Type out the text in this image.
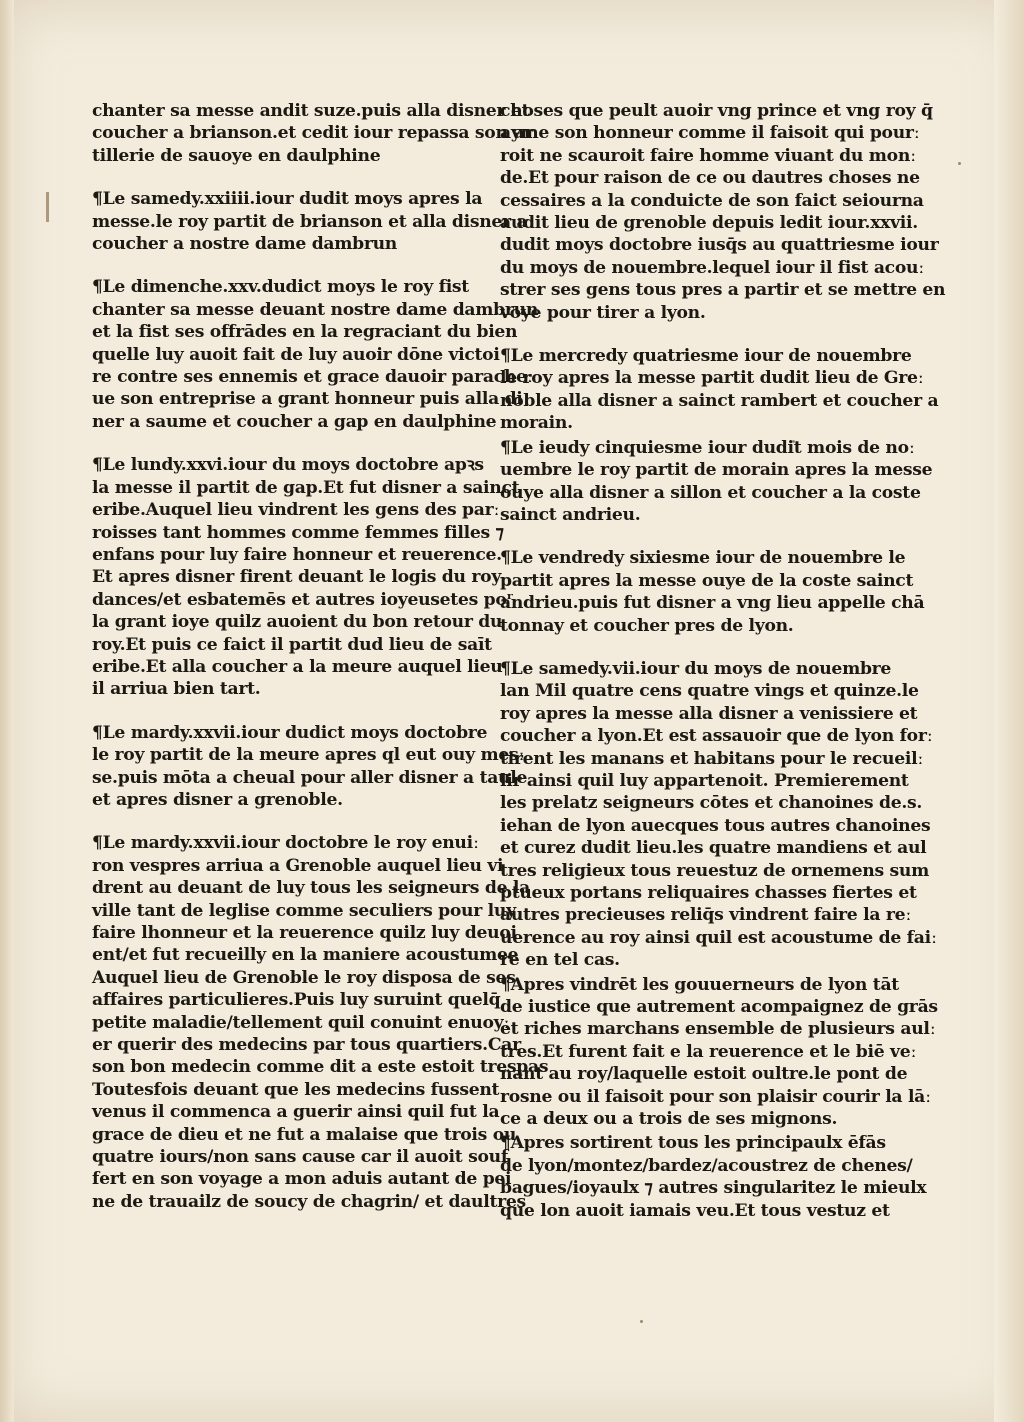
chanter sa messe andit suze.puis alla disner et
coucher a brianson.et cedit iour repassa son ar
tillerie de sauoye en daulphine
¶Le samedy.xxiiii.iour dudit moys apres la
messe.le roy partit de brianson et alla disner a
coucher a nostre dame dambrun
¶Le dimenche.xxv.dudict moys le roy fist
chanter sa messe deuant nostre dame dambrun
et la fist ses offrādes en la regraciant du bien
quelle luy auoit fait de luy auoir dōne victoi
re contre ses ennemis et grace dauoir paracheː
ue son entreprise a grant honneur puis alla di
ner a saume et coucher a gap en daulphine
¶Le lundy.xxvi.iour du moys doctobre apꝛs
la messe il partit de gap.Et fut disner a sainct
eribe.Auquel lieu vindrent les gens des parː
roisses tant hommes comme femmes filles ⁊
enfans pour luy faire honneur et reuerence.
Et apres disner firent deuant le logis du roy
dances/et esbatemēs et autres ioyeusetes poʳ
la grant ioye quilz auoient du bon retour du
roy.Et puis ce faict il partit dud lieu de saīt
eribe.Et alla coucher a la meure auquel lieu
il arriua bien tart.
¶Le mardy.xxvii.iour dudict moys doctobre
le roy partit de la meure apres ql eut ouy mesː
se.puis mōta a cheual pour aller disner a taule
et apres disner a grenoble.
¶Le mardy.xxvii.iour doctobre le roy enuiː
ron vespres arriua a Grenoble auquel lieu vi
drent au deuant de luy tous les seigneurs de la
ville tant de leglise comme seculiers pour luy
faire lhonneur et la reuerence quilz luy deuoi
ent/et fut recueilly en la maniere acoustumee
Auquel lieu de Grenoble le roy disposa de ses
affaires particulieres.Puis luy suruint quelq̄
petite maladie/tellement quil conuint enuoyː
er querir des medecins par tous quartiers.Car
son bon medecin comme dit a este estoit trespas
Toutesfois deuant que les medecins fussent
venus il commenca a guerir ainsi quil fut la
grace de dieu et ne fut a malaise que trois ou
quatre iours/non sans cause car il auoit souf
fert en son voyage a mon aduis autant de pei
ne de trauailz de soucy de chagrin/ et daultres
choses que peult auoir vng prince et vng roy q̄
ayme son honneur comme il faisoit qui pourː
roit ne scauroit faire homme viuant du monː
de.Et pour raison de ce ou dautres choses ne
cessaires a la conduicte de son faict seiourna
audit lieu de grenoble depuis ledit iour.xxvii.
dudit moys doctobre iusq̄s au quattriesme iour
du moys de nouembre.lequel iour il fist acouː
strer ses gens tous pres a partir et se mettre en
voye pour tirer a lyon.
¶Le mercredy quatriesme iour de nouembre
le roy apres la messe partit dudit lieu de Greː
noble alla disner a sainct rambert et coucher a
morain.
¶Le ieudy cinquiesme iour dudit mois de noː
uembre le roy partit de morain apres la messe
ouye alla disner a sillon et coucher a la coste
sainct andrieu.
¶Le vendredy sixiesme iour de nouembre le
partit apres la messe ouye de la coste sainct
andrieu.puis fut disner a vng lieu appelle chā
tonnay et coucher pres de lyon.
¶Le samedy.vii.iour du moys de nouembre
lan Mil quatre cens quatre vings et quinze.le
roy apres la messe alla disner a venissiere et
coucher a lyon.Et est assauoir que de lyon forː
tirent les manans et habitans pour le recueilː
lir ainsi quil luy appartenoit. Premierement
les prelatz seigneurs cōtes et chanoines de.s.
iehan de lyon auecques tous autres chanoines
et curez dudit lieu.les quatre mandiens et aul
tres religieux tous reuestuz de ornemens sum
ptueux portans reliquaires chasses fiertes et
autres precieuses reliq̄s vindrent faire la reː
uerence au roy ainsi quil est acoustume de faiː
re en tel cas.
¶Apres vindrēt les gouuerneurs de lyon tāt
de iustice que autrement acompaignez de grās
et riches marchans ensemble de plusieurs aulː
tres.Et furent fait e la reuerence et le biē veː
nant au roy/laquelle estoit oultre.le pont de
rosne ou il faisoit pour son plaisir courir la lāː
ce a deux ou a trois de ses mignons.
¶Apres sortirent tous les principaulx ēfās
de lyon/montez/bardez/acoustrez de chenes/
bagues/ioyaulx ⁊ autres singularitez le mieulx
que lon auoit iamais veu.Et tous vestuz et
